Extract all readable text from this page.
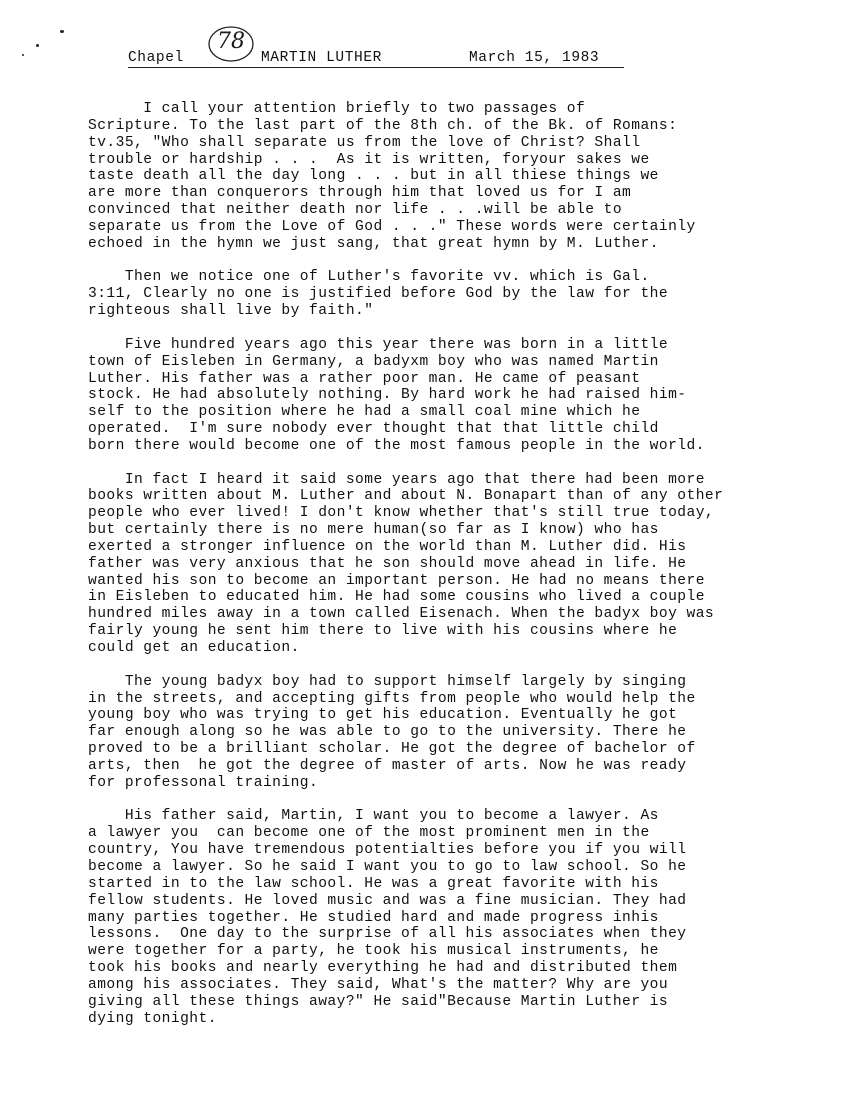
Chapel	MARTIN LUTHER	March 15, 1983
78
I call your attention briefly to two passages of
Scripture. To the last part of the 8th ch. of the Bk. of Romans:
tv.35, "Who shall separate us from the love of Christ? Shall
trouble or hardship . . .  As it is written, foryour sakes we
taste death all the day long . . . but in all thiese things we
are more than conquerors through him that loved us for I am
convinced that neither death nor life . . .will be able to
separate us from the Love of God . . ." These words were certainly
echoed in the hymn we just sang, that great hymn by M. Luther.
Then we notice one of Luther's favorite vv. which is Gal.
3:11, Clearly no one is justified before God by the law for the
righteous shall live by faith."
Five hundred years ago this year there was born in a little
town of Eisleben in Germany, a badyxm boy who was named Martin
Luther. His father was a rather poor man. He came of peasant
stock. He had absolutely nothing. By hard work he had raised him-
self to the position where he had a small coal mine which he
operated.  I'm sure nobody ever thought that that little child
born there would become one of the most famous people in the world.
In fact I heard it said some years ago that there had been more
books written about M. Luther and about N. Bonapart than of any other
people who ever lived! I don't know whether that's still true today,
but certainly there is no mere human(so far as I know) who has
exerted a stronger influence on the world than M. Luther did. His
father was very anxious that he son should move ahead in life. He
wanted his son to become an important person. He had no means there
in Eisleben to educated him. He had some cousins who lived a couple
hundred miles away in a town called Eisenach. When the badyx boy was
fairly young he sent him there to live with his cousins where he
could get an education.
The young badyx boy had to support himself largely by singing
in the streets, and accepting gifts from people who would help the
young boy who was trying to get his education. Eventually he got
far enough along so he was able to go to the university. There he
proved to be a brilliant scholar. He got the degree of bachelor of
arts, then  he got the degree of master of arts. Now he was ready
for professonal training.
His father said, Martin, I want you to become a lawyer. As
a lawyer you  can become one of the most prominent men in the
country, You have tremendous potentialties before you if you will
become a lawyer. So he said I want you to go to law school. So he
started in to the law school. He was a great favorite with his
fellow students. He loved music and was a fine musician. They had
many parties together. He studied hard and made progress inhis
lessons.  One day to the surprise of all his associates when they
were together for a party, he took his musical instruments, he
took his books and nearly everything he had and distributed them
among his associates. They said, What's the matter? Why are you
giving all these things away?" He said"Because Martin Luther is
dying tonight.
